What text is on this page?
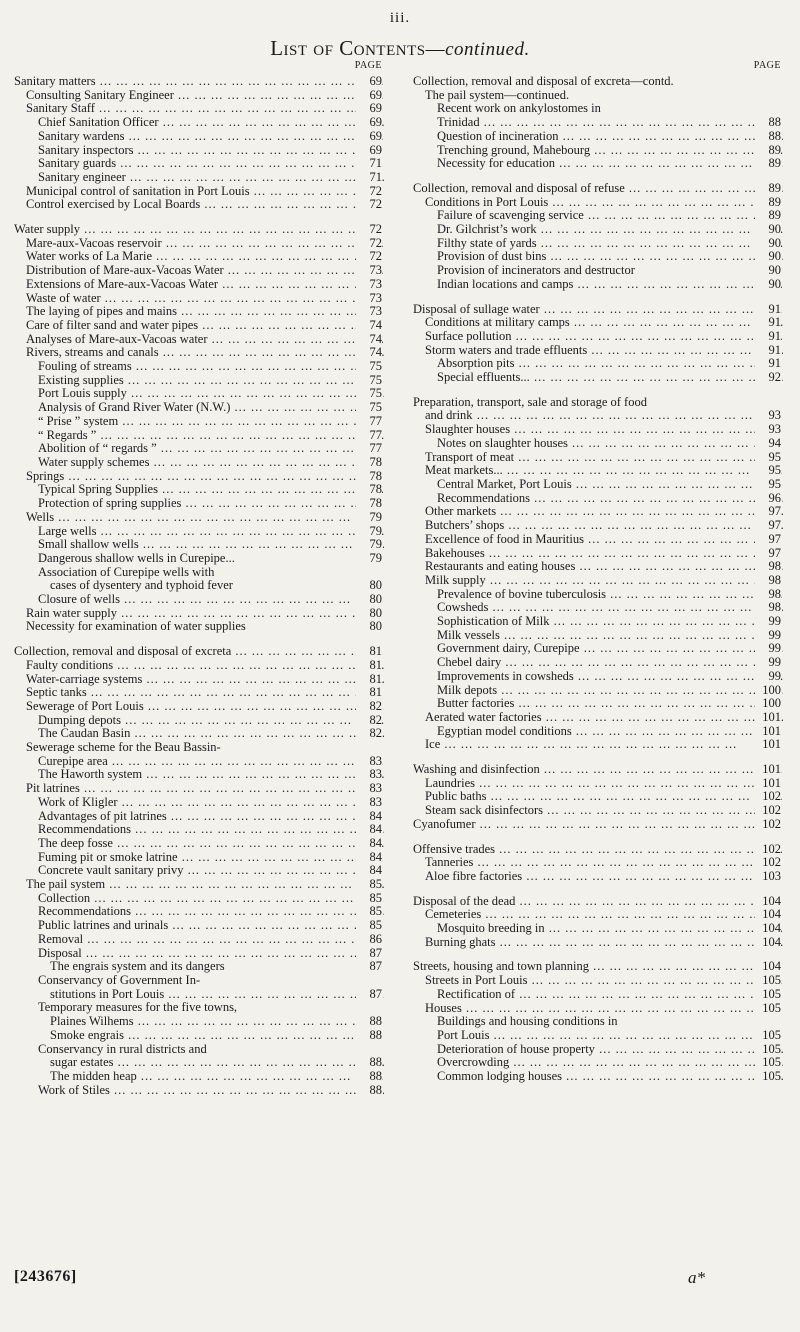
iii.
List of Contents—continued.
PAGE
Sanitary matters ... .	69
Consulting Sanitary Engineer ... .	69
Sanitary Staff ... .	69
Chief Sanitation Officer ... .	69
Sanitary wardens ... .	69
Sanitary inspectors ... .	69
Sanitary guards ... .	71
Sanitary engineer ... .	71
Municipal control of sanitation in Port Louis ... .	72
Control exercised by Local Boards ... .	72
Water supply ... .	72
Mare-aux-Vacoas reservoir ... .	72
Water works of La Marie ... .	72
Distribution of Mare-aux-Vacoas Water ... .	73
Extensions of Mare-aux-Vacoas Water ... .	73
Waste of water ... .	73
The laying of pipes and mains ... .	73
Care of filter sand and water pipes ... .	74
Analyses of Mare-aux-Vacoas water ... .	74
Rivers, streams and canals ... .	74
Fouling of streams ... .	75
Existing supplies ... .	75
Port Louis supply ... .	75
Analysis of Grand River Water (N.W.) ... .	75
“ Prise ” system ... .	77
“ Regards ” ... .	77
Abolition of “ regards ” ... .	77
Water supply schemes ... .	78
Springs ... .	78
Typical Spring Supplies ... .	78
Protection of spring supplies ... .	78
Wells ... .	79
Large wells ... .	79
Small shallow wells ... .	79
Dangerous shallow wells in Curepipe...	79
Association of Curepipe wells with
cases of dysentery and typhoid fever	80
Closure of wells ... .	80
Rain water supply ... .	80
Necessity for examination of water supplies	80
Collection, removal and disposal of excreta ... .	81
Faulty conditions ... .	81
Water-carriage systems ... .	81
Septic tanks ... .	81
Sewerage of Port Louis ... .	82
Dumping depots ... .	82
The Caudan Basin ... .	82
Sewerage scheme for the Beau Bassin-
Curepipe area ... .	83
The Haworth system ... .	83
Pit latrines ... .	83
Work of Kligler ... .	83
Advantages of pit latrines ... .	84
Recommendations ... .	84
The deep fosse ... .	84
Fuming pit or smoke latrine ... .	84
Concrete vault sanitary privy ... .	84
The pail system ... .	85
Collection ... .	85
Recommendations ... .	85
Public latrines and urinals ... .	85
Removal ... .	86
Disposal ... .	87
The engrais system and its dangers	87
Conservancy of Government In-
stitutions in Port Louis ... .	87
Temporary measures for the five towns,
Plaines Wilhems ... .	88
Smoke engrais ... .	88
Conservancy in rural districts and
sugar estates ... .	88
The midden heap ... .	88
Work of Stiles ... .	88
PAGE
Collection, removal and disposal of excreta—contd.
The pail system—continued.
Recent work on ankylostomes in
Trinidad ... .	88
Question of incineration ... .	88
Trenching ground, Mahebourg ... .	89
Necessity for education ... .	89
Collection, removal and disposal of refuse ... .	89
Conditions in Port Louis ... .	89
Failure of scavenging service ... .	89
Dr. Gilchrist’s work ... .	90
Filthy state of yards ... .	90
Provision of dust bins ... .	90
Provision of incinerators and destructor	90
Indian locations and camps ... .	90
Disposal of sullage water ... .	91
Conditions at military camps ... .	91
Surface pollution ... .	91
Storm waters and trade effluents ... .	91
Absorption pits ... .	91
Special effluents... ... .	92
Preparation, transport, sale and storage of food
and drink ... .	93
Slaughter houses ... .	93
Notes on slaughter houses ... .	94
Transport of meat ... .	95
Meat markets... ... .	95
Central Market, Port Louis ... .	95
Recommendations ... .	96
Other markets ... .	97
Butchers’ shops ... .	97
Excellence of food in Mauritius ... .	97
Bakehouses ... .	97
Restaurants and eating houses ... .	98
Milk supply ... .	98
Prevalence of bovine tuberculosis ... .	98
Cowsheds ... .	98
Sophistication of Milk ... .	99
Milk vessels ... .	99
Government dairy, Curepipe ... .	99
Chebel dairy ... .	99
Improvements in cowsheds ... .	99
Milk depots ... .	100
Butter factories ... .	100
Aerated water factories ... .	101
Egyptian model conditions ... .	101
Ice ... .	101
Washing and disinfection ... .	101
Laundries ... .	101
Public baths ... .	102
Steam sack disinfectors ... .	102
Cyanofumer ... .	102
Offensive trades ... .	102
Tanneries ... .	102
Aloe fibre factories ... .	103
Disposal of the dead ... .	104
Cemeteries ... .	104
Mosquito breeding in ... .	104
Burning ghats ... .	104
Streets, housing and town planning ... .	104
Streets in Port Louis ... .	105
Rectification of ... .	105
Houses ... .	105
Buildings and housing conditions in
Port Louis ... .	105
Deterioration of house property ... .	105
Overcrowding ... .	105
Common lodging houses ... .	105
[243676]	a*
